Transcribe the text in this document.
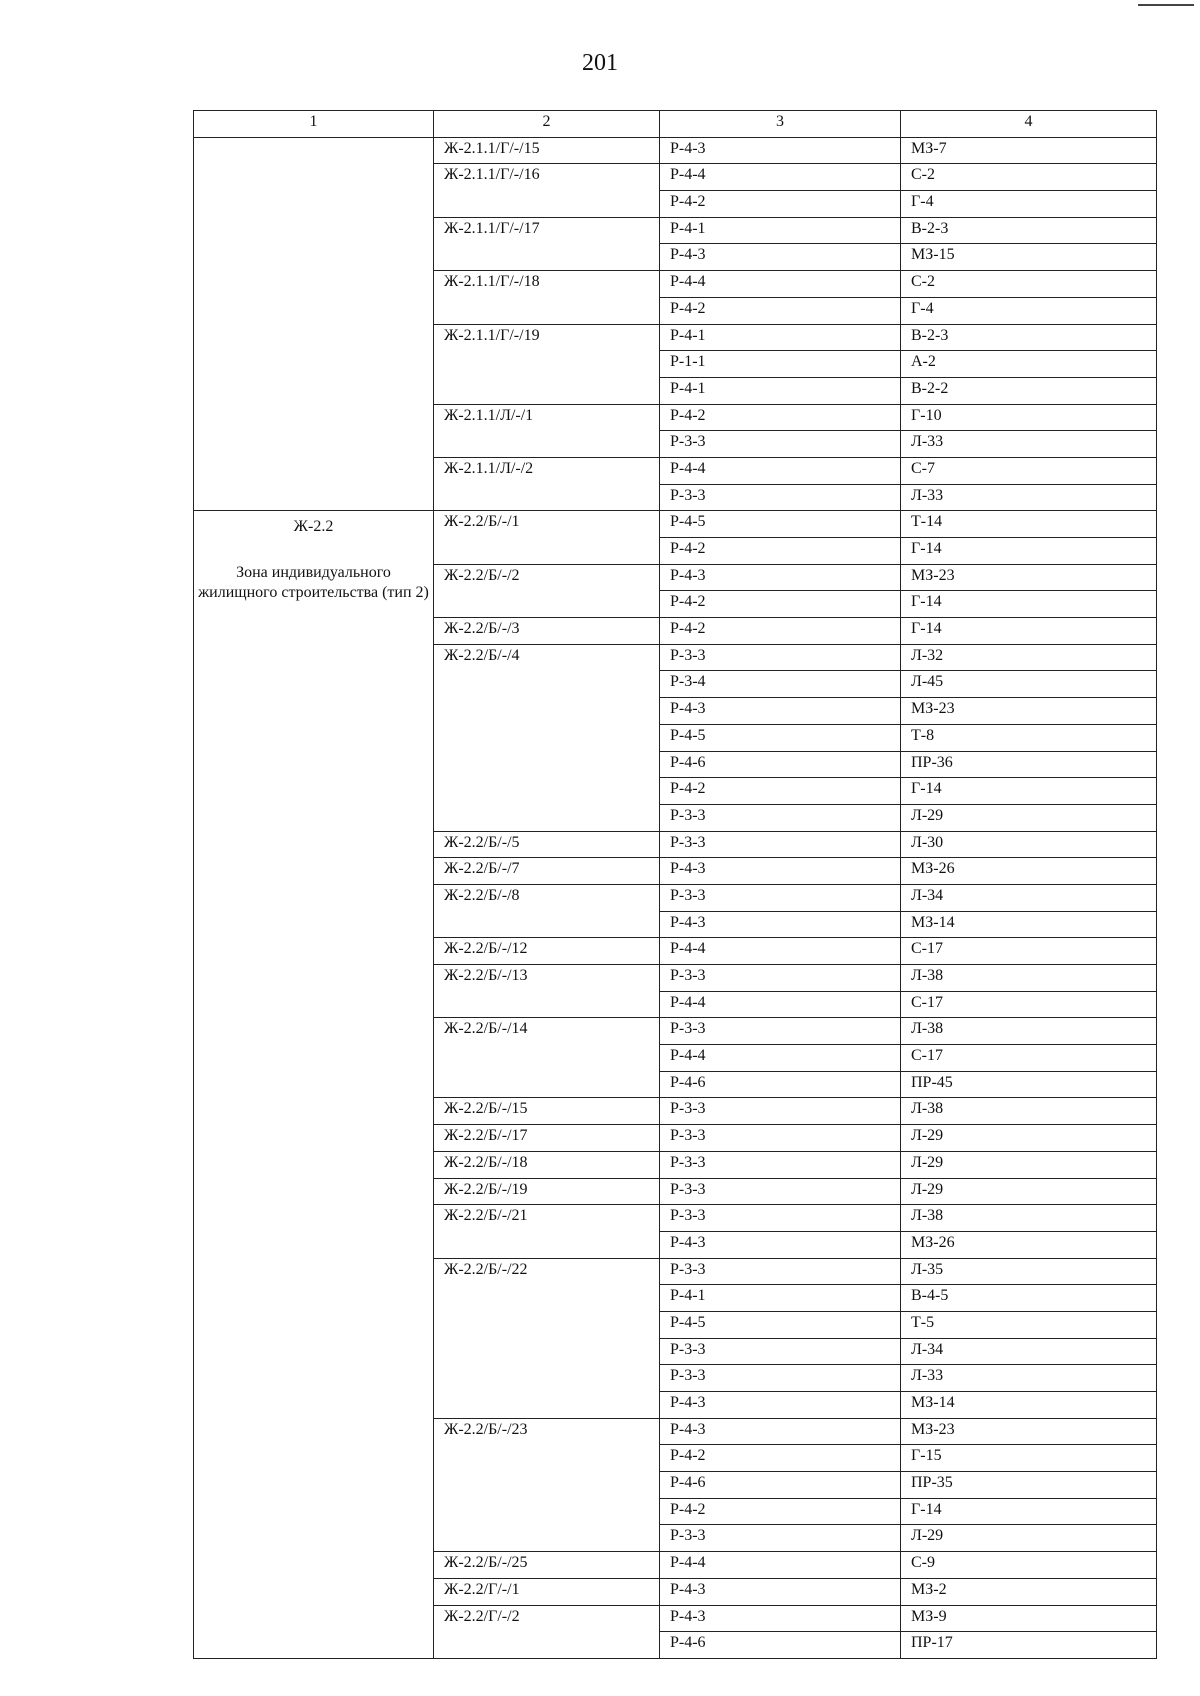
201
1	2	3	4

	Ж-2.1.1/Г/-/15	Р-4-3	МЗ-7
	Ж-2.1.1/Г/-/16	Р-4-4	С-2
		Р-4-2	Г-4
	Ж-2.1.1/Г/-/17	Р-4-1	В-2-3
		Р-4-3	МЗ-15
	Ж-2.1.1/Г/-/18	Р-4-4	С-2
		Р-4-2	Г-4
	Ж-2.1.1/Г/-/19	Р-4-1	В-2-3
		Р-1-1	А-2
		Р-4-1	В-2-2
	Ж-2.1.1/Л/-/1	Р-4-2	Г-10
		Р-3-3	Л-33
	Ж-2.1.1/Л/-/2	Р-4-4	С-7
		Р-3-3	Л-33

Ж-2.2
Зона индивидуального жилищного строительства (тип 2)	Ж-2.2/Б/-/1	Р-4-5	Т-14
		Р-4-2	Г-14
	Ж-2.2/Б/-/2	Р-4-3	МЗ-23
		Р-4-2	Г-14
	Ж-2.2/Б/-/3	Р-4-2	Г-14
	Ж-2.2/Б/-/4	Р-3-3	Л-32
		Р-3-4	Л-45
		Р-4-3	МЗ-23
		Р-4-5	Т-8
		Р-4-6	ПР-36
		Р-4-2	Г-14
		Р-3-3	Л-29
	Ж-2.2/Б/-/5	Р-3-3	Л-30
	Ж-2.2/Б/-/7	Р-4-3	МЗ-26
	Ж-2.2/Б/-/8	Р-3-3	Л-34
		Р-4-3	МЗ-14
	Ж-2.2/Б/-/12	Р-4-4	С-17
	Ж-2.2/Б/-/13	Р-3-3	Л-38
		Р-4-4	С-17
	Ж-2.2/Б/-/14	Р-3-3	Л-38
		Р-4-4	С-17
		Р-4-6	ПР-45
	Ж-2.2/Б/-/15	Р-3-3	Л-38
	Ж-2.2/Б/-/17	Р-3-3	Л-29
	Ж-2.2/Б/-/18	Р-3-3	Л-29
	Ж-2.2/Б/-/19	Р-3-3	Л-29
	Ж-2.2/Б/-/21	Р-3-3	Л-38
		Р-4-3	МЗ-26
	Ж-2.2/Б/-/22	Р-3-3	Л-35
		Р-4-1	В-4-5
		Р-4-5	Т-5
		Р-3-3	Л-34
		Р-3-3	Л-33
		Р-4-3	МЗ-14
	Ж-2.2/Б/-/23	Р-4-3	МЗ-23
		Р-4-2	Г-15
		Р-4-6	ПР-35
		Р-4-2	Г-14
		Р-3-3	Л-29
	Ж-2.2/Б/-/25	Р-4-4	С-9
	Ж-2.2/Г/-/1	Р-4-3	МЗ-2
	Ж-2.2/Г/-/2	Р-4-3	МЗ-9
		Р-4-6	ПР-17
